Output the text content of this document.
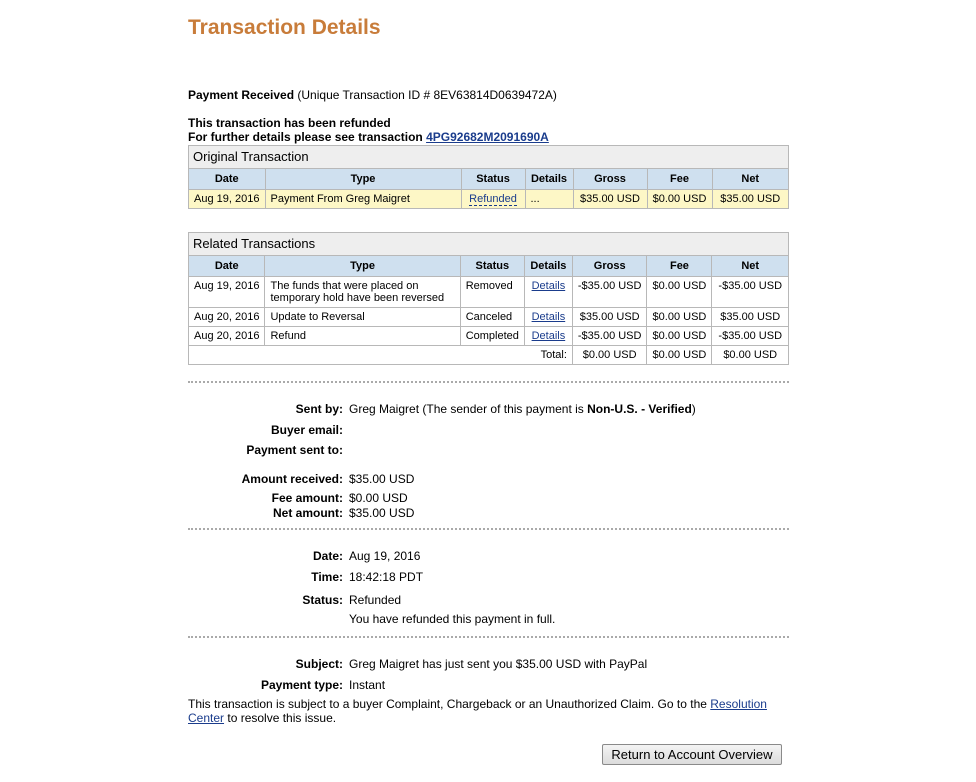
Transaction Details
Payment Received (Unique Transaction ID # 8EV63814D0639472A)
This transaction has been refunded
For further details please see transaction 4PG92682M2091690A
Original Transaction
Date	Type	Status	Details	Gross	Fee	Net
Aug 19, 2016	Payment From Greg Maigret	Refunded	...	$35.00 USD	$0.00 USD	$35.00 USD
Related Transactions
Date	Type	Status	Details	Gross	Fee	Net
Aug 19, 2016	The funds that were placed on temporary hold have been reversed	Removed	Details	-$35.00 USD	$0.00 USD	-$35.00 USD
Aug 20, 2016	Update to Reversal	Canceled	Details	$35.00 USD	$0.00 USD	$35.00 USD
Aug 20, 2016	Refund	Completed	Details	-$35.00 USD	$0.00 USD	-$35.00 USD
Total:				$0.00 USD	$0.00 USD	$0.00 USD
Sent by: Greg Maigret (The sender of this payment is Non-U.S. - Verified)
Buyer email:
Payment sent to:
Amount received: $35.00 USD
Fee amount: $0.00 USD
Net amount: $35.00 USD
Date: Aug 19, 2016
Time: 18:42:18 PDT
Status: Refunded
You have refunded this payment in full.
Subject: Greg Maigret has just sent you $35.00 USD with PayPal
Payment type: Instant
This transaction is subject to a buyer Complaint, Chargeback or an Unauthorized Claim. Go to the Resolution Center to resolve this issue.
Return to Account Overview
